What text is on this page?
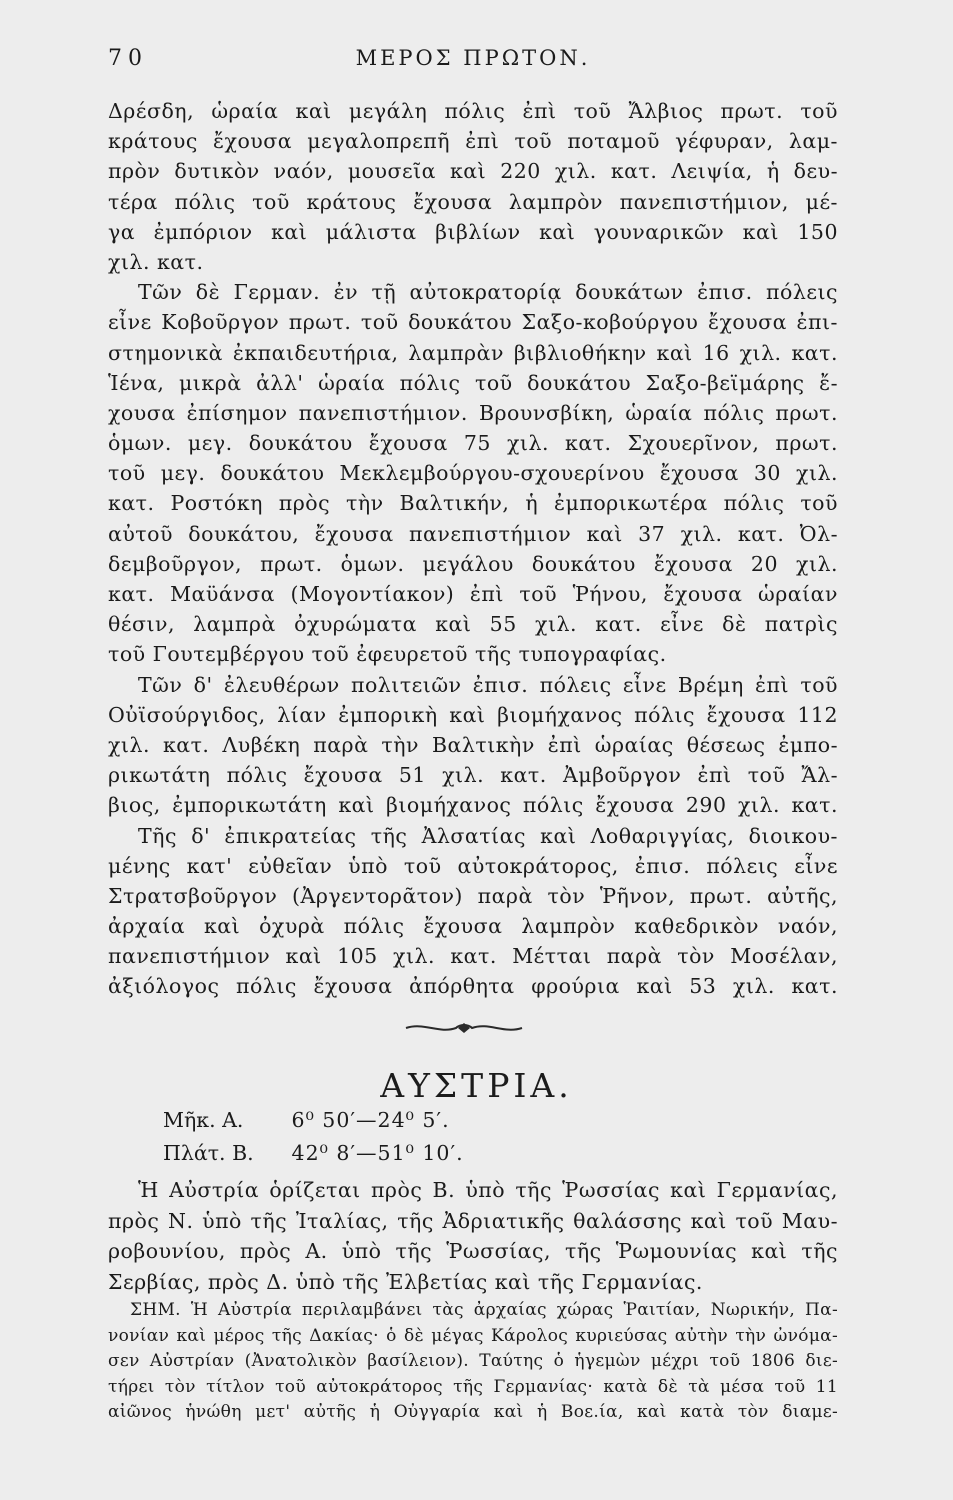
70	ΜΕΡΟΣ ΠΡΩΤΟΝ.
Δρέσδη, ὡραία καὶ μεγάλη πόλις ἐπὶ τοῦ Ἄλβιος πρωτ. τοῦ
κράτους ἔχουσα μεγαλοπρεπῆ ἐπὶ τοῦ ποταμοῦ γέφυραν, λαμ-
πρὸν δυτικὸν ναόν, μουσεῖα καὶ 220 χιλ. κατ. Λειψία, ἡ δευ-
τέρα πόλις τοῦ κράτους ἔχουσα λαμπρὸν πανεπιστήμιον, μέ-
γα ἐμπόριον καὶ μάλιστα βιβλίων καὶ γουναρικῶν καὶ 150
χιλ. κατ.
Τῶν δὲ Γερμαν. ἐν τῇ αὐτοκρατορίᾳ δουκάτων ἐπισ. πόλεις
εἶνε Κοβοῦργον πρωτ. τοῦ δουκάτου Σαξο-κοβούργου ἔχουσα ἐπι-
στημονικὰ ἐκπαιδευτήρια, λαμπρὰν βιβλιοθήκην καὶ 16 χιλ. κατ.
Ἱένα, μικρὰ ἀλλ' ὡραία πόλις τοῦ δουκάτου Σαξο-βεϊμάρης ἔ-
χουσα ἐπίσημον πανεπιστήμιον. Βρουνσβίκη, ὡραία πόλις πρωτ.
ὁμων. μεγ. δουκάτου ἔχουσα 75 χιλ. κατ. Σχουερῖνον, πρωτ.
τοῦ μεγ. δουκάτου Μεκλεμβούργου-σχουερίνου ἔχουσα 30 χιλ.
κατ. Ροστόκη πρὸς τὴν Βαλτικήν, ἡ ἐμπορικωτέρα πόλις τοῦ
αὐτοῦ δουκάτου, ἔχουσα πανεπιστήμιον καὶ 37 χιλ. κατ. Ὀλ-
δεμβοῦργον, πρωτ. ὁμων. μεγάλου δουκάτου ἔχουσα 20 χιλ.
κατ. Μαϋάνσα (Μογοντίακον) ἐπὶ τοῦ Ῥήνου, ἔχουσα ὡραίαν
θέσιν, λαμπρὰ ὀχυρώματα καὶ 55 χιλ. κατ. εἶνε δὲ πατρὶς
τοῦ Γουτεμβέργου τοῦ ἐφευρετοῦ τῆς τυπογραφίας.
Τῶν δ' ἐλευθέρων πολιτειῶν ἐπισ. πόλεις εἶνε Βρέμη ἐπὶ τοῦ
Οὐϊσούργιδος, λίαν ἐμπορικὴ καὶ βιομήχανος πόλις ἔχουσα 112
χιλ. κατ. Λυβέκη παρὰ τὴν Βαλτικὴν ἐπὶ ὡραίας θέσεως ἐμπο-
ρικωτάτη πόλις ἔχουσα 51 χιλ. κατ. Ἀμβοῦργον ἐπὶ τοῦ Ἄλ-
βιος, ἐμπορικωτάτη καὶ βιομήχανος πόλις ἔχουσα 290 χιλ. κατ.
Τῆς δ' ἐπικρατείας τῆς Ἀλσατίας καὶ Λοθαριγγίας, διοικου-
μένης κατ' εὐθεῖαν ὑπὸ τοῦ αὐτοκράτορος, ἐπισ. πόλεις εἶνε
Στρατσβοῦργον (Ἀργεντορᾶτον) παρὰ τὸν Ῥῆνον, πρωτ. αὐτῆς,
ἀρχαία καὶ ὀχυρὰ πόλις ἔχουσα λαμπρὸν καθεδρικὸν ναόν,
πανεπιστήμιον καὶ 105 χιλ. κατ. Μέτται παρὰ τὸν Μοσέλαν,
ἀξιόλογος πόλις ἔχουσα ἀπόρθητα φρούρια καὶ 53 χιλ. κατ.
ΑΥΣΤΡΙΑ.
Μῆκ. Α. 6⁰ 50′—24⁰ 5′.
Πλάτ. Β. 42⁰ 8′—51⁰ 10′.
Ἡ Αὐστρία ὁρίζεται πρὸς Β. ὑπὸ τῆς Ῥωσσίας καὶ Γερμανίας,
πρὸς Ν. ὑπὸ τῆς Ἰταλίας, τῆς Ἀδριατικῆς θαλάσσης καὶ τοῦ Μαυ-
ροβουνίου, πρὸς Α. ὑπὸ τῆς Ῥωσσίας, τῆς Ῥωμουνίας καὶ τῆς
Σερβίας, πρὸς Δ. ὑπὸ τῆς Ἐλβετίας καὶ τῆς Γερμανίας.
ΣΗΜ. Ἡ Αὐστρία περιλαμβάνει τὰς ἀρχαίας χώρας Ῥαιτίαν, Νωρικήν, Πα-
νονίαν καὶ μέρος τῆς Δακίας· ὁ δὲ μέγας Κάρολος κυριεύσας αὐτὴν τὴν ὠνόμα-
σεν Αὐστρίαν (Ἀνατολικὸν βασίλειον). Ταύτης ὁ ἡγεμὼν μέχρι τοῦ 1806 διε-
τήρει τὸν τίτλον τοῦ αὐτοκράτορος τῆς Γερμανίας· κατὰ δὲ τὰ μέσα τοῦ 11
αἰῶνος ἡνώθη μετ' αὐτῆς ἡ Οὐγγαρία καὶ ἡ Βοε.ία, καὶ κατὰ τὸν διαμε-
